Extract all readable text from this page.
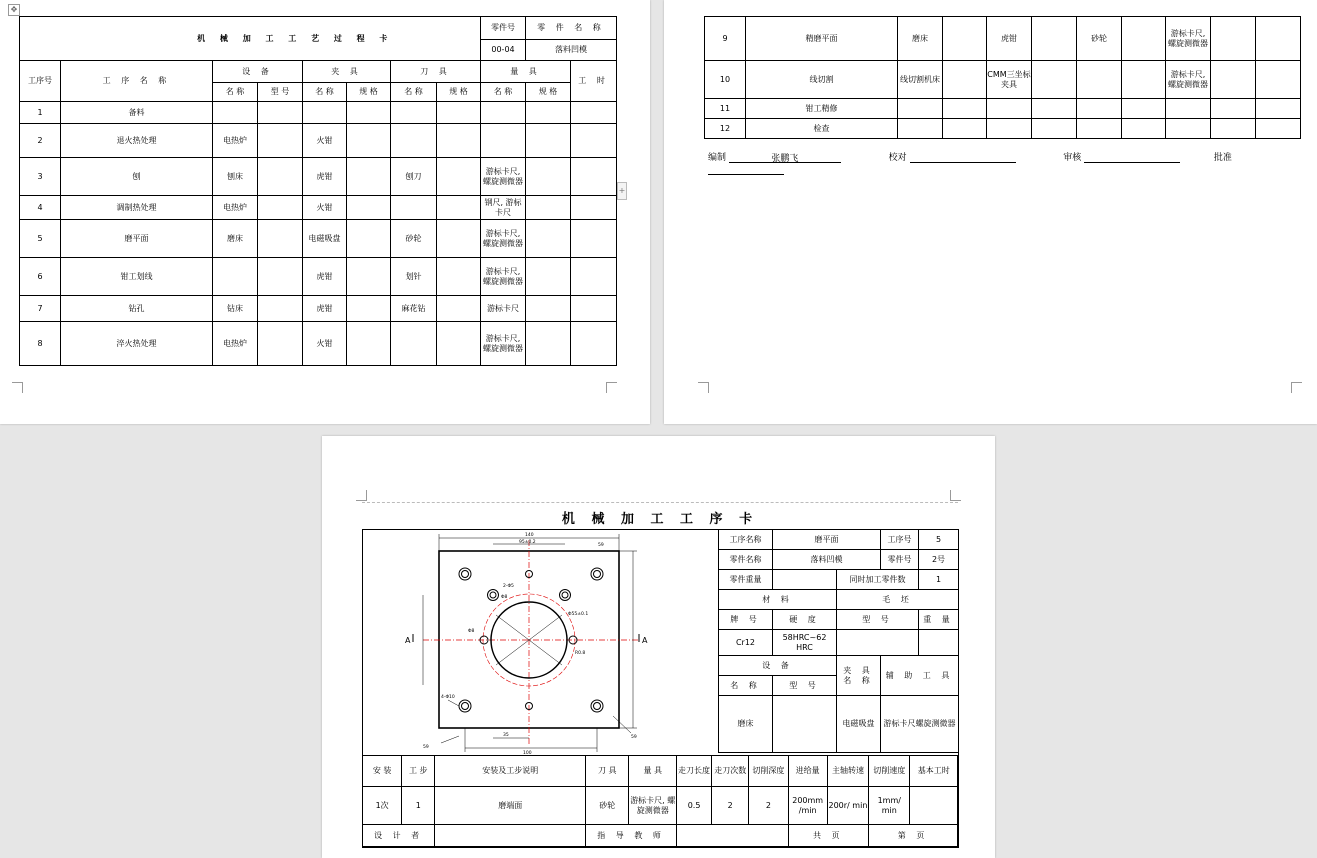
✥
机 械 加 工 工 艺 过 程 卡									

工序号	工 序 名 称	设 备		夹 具		刀 具		量 具		工 时
		名 称	型 号	名 称	规 格	名 称	规 格	名 称	规 格	
1	备料									
2	退火热处理	电热炉		火钳						
3	刨	刨床		虎钳		刨刀		游标卡尺, 螺旋测微器		
4	调制热处理	电热炉		火钳				钢尺, 游标卡尺		
5	磨平面	磨床		电磁吸盘		砂轮		游标卡尺, 螺旋测微器		
6	钳工划线			虎钳		划针		游标卡尺, 螺旋测微器		
7	钻孔	钻床		虎钳		麻花钻		游标卡尺		
8	淬火热处理	电热炉		火钳				游标卡尺, 螺旋测微器		
零件号	零 件 名 称
00-04	落料凹模
+
9	精磨平面	磨床		虎钳		砂轮		游标卡尺, 螺旋测微器		
10	线切割	线切割机床		CMM三坐标夹具				游标卡尺, 螺旋测微器		
11	钳工精修									
12	检查									
编制	张鹏飞	校对	审核	批准
机 械 加 工 工 序 卡
140
95±0.2
59
2-Φ5
Φ8
Φ55±0.1
R0.8
Φ8
4-Φ10
35
100
59
59
A	A
工序名称	磨平面		工序号	5
零件名称	落料凹模		零件号	2号
零件重量		同时加工零件数		1
材 料		毛 坯		
牌 号	硬 度	型 号		重 量
Cr12	58HRC~62 HRC			
设 备		夹 具 名 称	辅 助 工 具	
名 称	型 号			
磨床		电磁吸盘	游标卡尺螺旋测微器	
安 装	工 步	安装及工步说明	刀 具	量 具	走刀长度	走刀次数	切削深度	进给量	主轴转速	切削速度	基本工时
1次	1	磨端面	砂轮	游标卡尺, 螺旋测微器	0.5	2	2	200mm /min	200r/ min	1mm/ min	
设 计 者			指 导 教 师					共 页		第 页	
